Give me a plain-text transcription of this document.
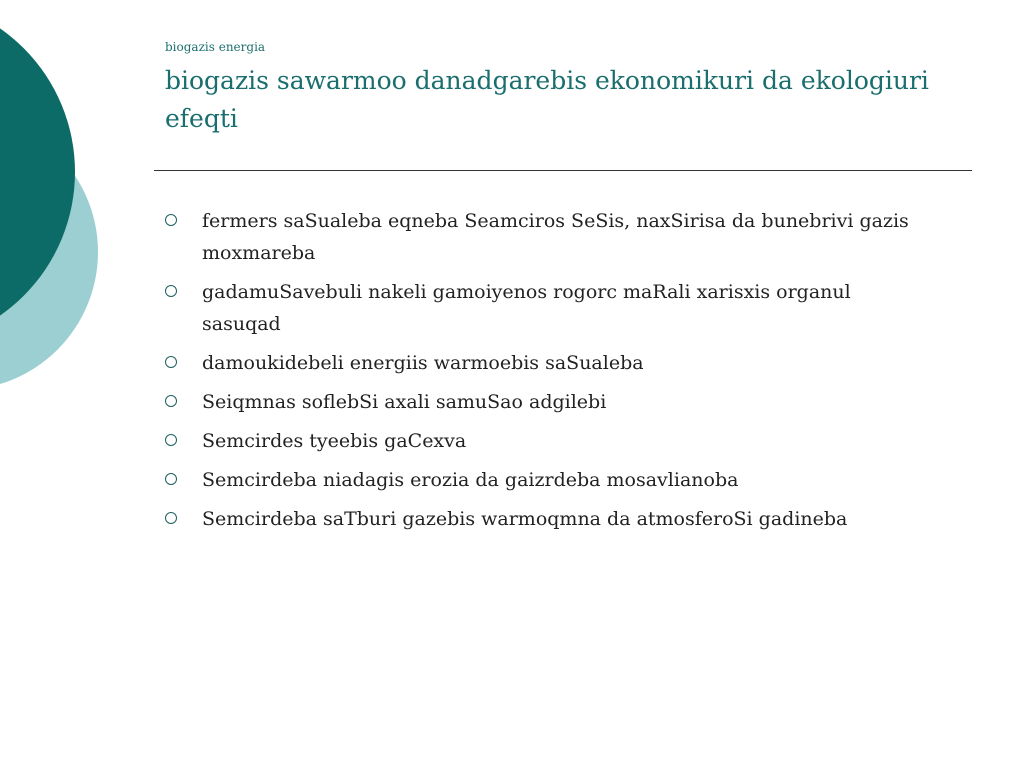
biogazis energia
biogazis sawarmoo danadgarebis ekonomikuri da ekologiuri efeqti
fermers saSualeba eqneba Seamciros SeSis, naxSirisa da bunebrivi gazis moxmareba
gadamuSavebuli nakeli gamoiyenos rogorc maRali xarisxis organul sasuqad
damoukidebeli energiis warmoebis saSualeba
Seiqmnas soflebSi axali samuSao adgilebi
Semcirdes tyeebis gaCexva
Semcirdeba niadagis erozia da gaizrdeba mosavlianoba
Semcirdeba saTburi gazebis warmoqmna da atmosferoSi gadineba
